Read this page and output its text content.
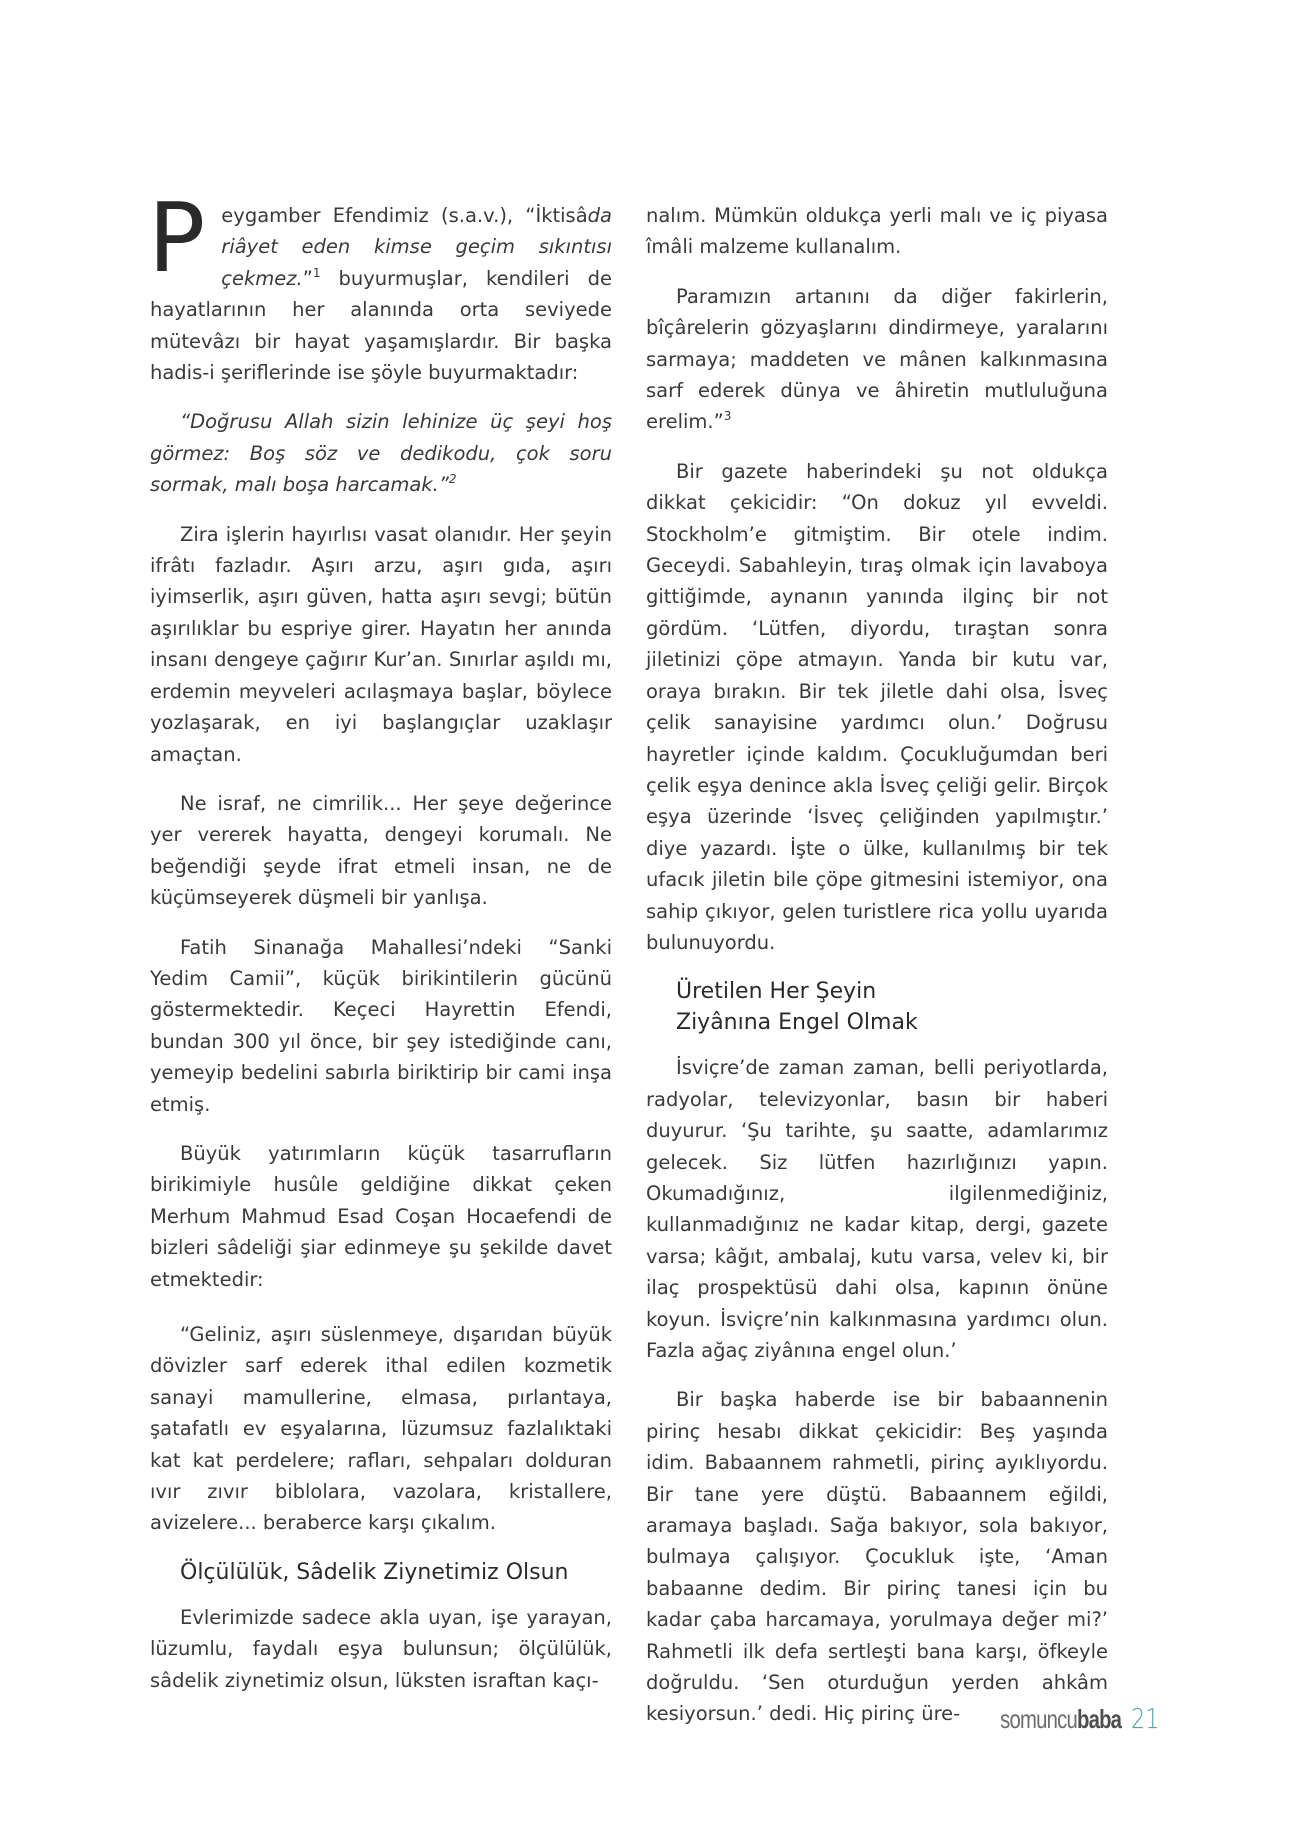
Peygamber Efendimiz (s.a.v.), “İktisâda riâyet eden kimse geçim sıkıntısı çekmez.”$^1$ buyurmuşlar, kendileri de hayatlarının her alanında orta seviyede mütevâzı bir hayat yaşamışlardır. Bir başka hadis-i şeriflerinde ise şöyle buyurmaktadır:

“Doğrusu Allah sizin lehinize üç şeyi hoş görmez: Boş söz ve dedikodu, çok soru sormak, malı boşa harcamak.”$^2$

Zira işlerin hayırlısı vasat olanıdır. Her şeyin ifrâtı fazladır. Aşırı arzu, aşırı gıda, aşırı iyimserlik, aşırı güven, hatta aşırı sevgi; bütün aşırılıklar bu espriye girer. Hayatın her anında insanı dengeye çağırır Kur’an. Sınırlar aşıldı mı, erdemin meyveleri acılaşmaya başlar, böylece yozlaşarak, en iyi başlangıçlar uzaklaşır amaçtan.

Ne israf, ne cimrilik... Her şeye değerince yer vererek hayatta, dengeyi korumalı. Ne beğendiği şeyde ifrat etmeli insan, ne de küçümseyerek düşmeli bir yanlışa.

Fatih Sinanağa Mahallesi’ndeki “Sanki Yedim Camii”, küçük birikintilerin gücünü göstermektedir. Keçeci Hayrettin Efendi, bundan 300 yıl önce, bir şey istediğinde canı, yemeyip bedelini sabırla biriktirip bir cami inşa etmiş.

Büyük yatırımların küçük tasarrufların birikimiyle husûle geldiğine dikkat çeken Merhum Mahmud Esad Coşan Hocaefendi de bizleri sâdeliği şiar edinmeye şu şekilde davet etmektedir:

“Geliniz, aşırı süslenmeye, dışarıdan büyük dövizler sarf ederek ithal edilen kozmetik sanayi mamullerine, elmasa, pırlantaya, şatafatlı ev eşyalarına, lüzumsuz fazlalıktaki kat kat perdelere; rafları, sehpaları dolduran ıvır zıvır biblolara, vazolara, kristallere, avizelere... beraberce karşı çıkalım.

Ölçülülük, Sâdelik Ziynetimiz Olsun

Evlerimizde sadece akla uyan, işe yarayan, lüzumlu, faydalı eşya bulunsun; ölçülülük, sâdelik ziynetimiz olsun, lüksten israftan kaçı-

nalım. Mümkün oldukça yerli malı ve iç piyasa îmâli malzeme kullanalım.

Paramızın artanını da diğer fakirlerin, bîçârelerin gözyaşlarını dindirmeye, yaralarını sarmaya; maddeten ve mânen kalkınmasına sarf ederek dünya ve âhiretin mutluluğuna erelim.”$^3$

Bir gazete haberindeki şu not oldukça dikkat çekicidir: “On dokuz yıl evveldi. Stockholm’e gitmiştim. Bir otele indim. Geceydi. Sabahleyin, tıraş olmak için lavaboya gittiğimde, aynanın yanında ilginç bir not gördüm. ‘Lütfen, diyordu, tıraştan sonra jiletinizi çöpe atmayın. Yanda bir kutu var, oraya bırakın. Bir tek jiletle dahi olsa, İsveç çelik sanayisine yardımcı olun.’ Doğrusu hayretler içinde kaldım. Çocukluğumdan beri çelik eşya denince akla İsveç çeliği gelir. Birçok eşya üzerinde ‘İsveç çeliğinden yapılmıştır.’ diye yazardı. İşte o ülke, kullanılmış bir tek ufacık jiletin bile çöpe gitmesini istemiyor, ona sahip çıkıyor, gelen turistlere rica yollu uyarıda bulunuyordu.

Üretilen Her Şeyin
Ziyânına Engel Olmak

İsviçre’de zaman zaman, belli periyotlarda, radyolar, televizyonlar, basın bir haberi duyurur. ‘Şu tarihte, şu saatte, adamlarımız gelecek. Siz lütfen hazırlığınızı yapın. Okumadığınız, ilgilenmediğiniz, kullanmadığınız ne kadar kitap, dergi, gazete varsa; kâğıt, ambalaj, kutu varsa, velev ki, bir ilaç prospektüsü dahi olsa, kapının önüne koyun. İsviçre’nin kalkınmasına yardımcı olun. Fazla ağaç ziyânına engel olun.’

Bir başka haberde ise bir babaannenin pirinç hesabı dikkat çekicidir: Beş yaşında idim. Babaannem rahmetli, pirinç ayıklıyordu. Bir tane yere düştü. Babaannem eğildi, aramaya başladı. Sağa bakıyor, sola bakıyor, bulmaya çalışıyor. Çocukluk işte, ‘Aman babaanne dedim. Bir pirinç tanesi için bu kadar çaba harcamaya, yorulmaya değer mi?’ Rahmetli ilk defa sertleşti bana karşı, öfkeyle doğruldu. ‘Sen oturduğun yerden ahkâm kesiyorsun.’ dedi. Hiç pirinç üre-	somuncubaba 21
